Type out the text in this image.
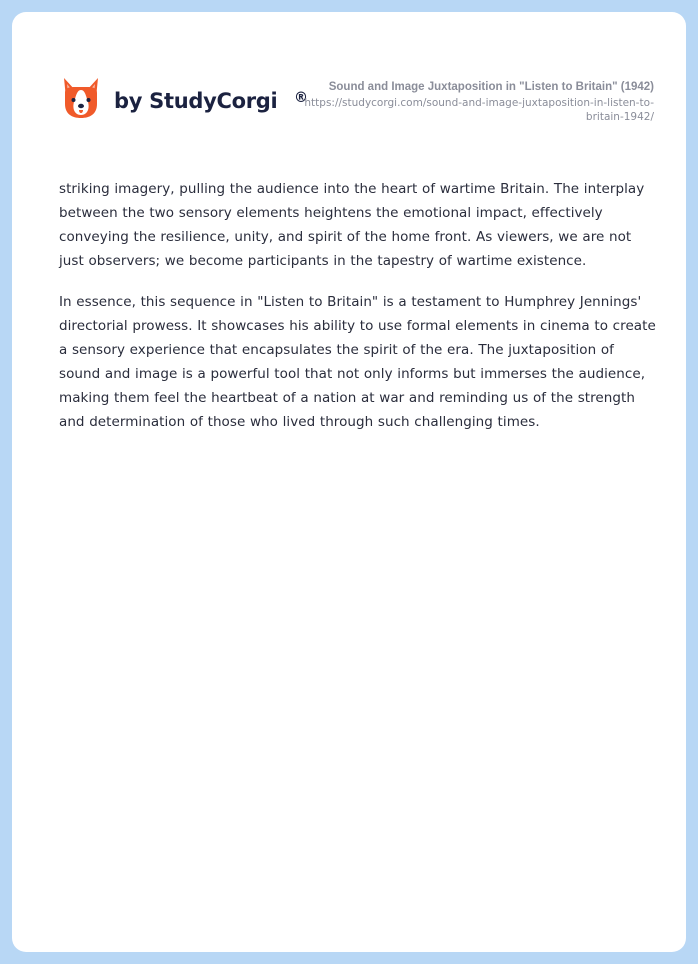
by StudyCorgi ®
Sound and Image Juxtaposition in "Listen to Britain" (1942)
https://studycorgi.com/sound-and-image-juxtaposition-in-listen-to-britain-1942/

striking imagery, pulling the audience into the heart of wartime Britain. The interplay between the two sensory elements heightens the emotional impact, effectively conveying the resilience, unity, and spirit of the home front. As viewers, we are not just observers; we become participants in the tapestry of wartime existence.

In essence, this sequence in "Listen to Britain" is a testament to Humphrey Jennings' directorial prowess. It showcases his ability to use formal elements in cinema to create a sensory experience that encapsulates the spirit of the era. The juxtaposition of sound and image is a powerful tool that not only informs but immerses the audience, making them feel the heartbeat of a nation at war and reminding us of the strength and determination of those who lived through such challenging times.
